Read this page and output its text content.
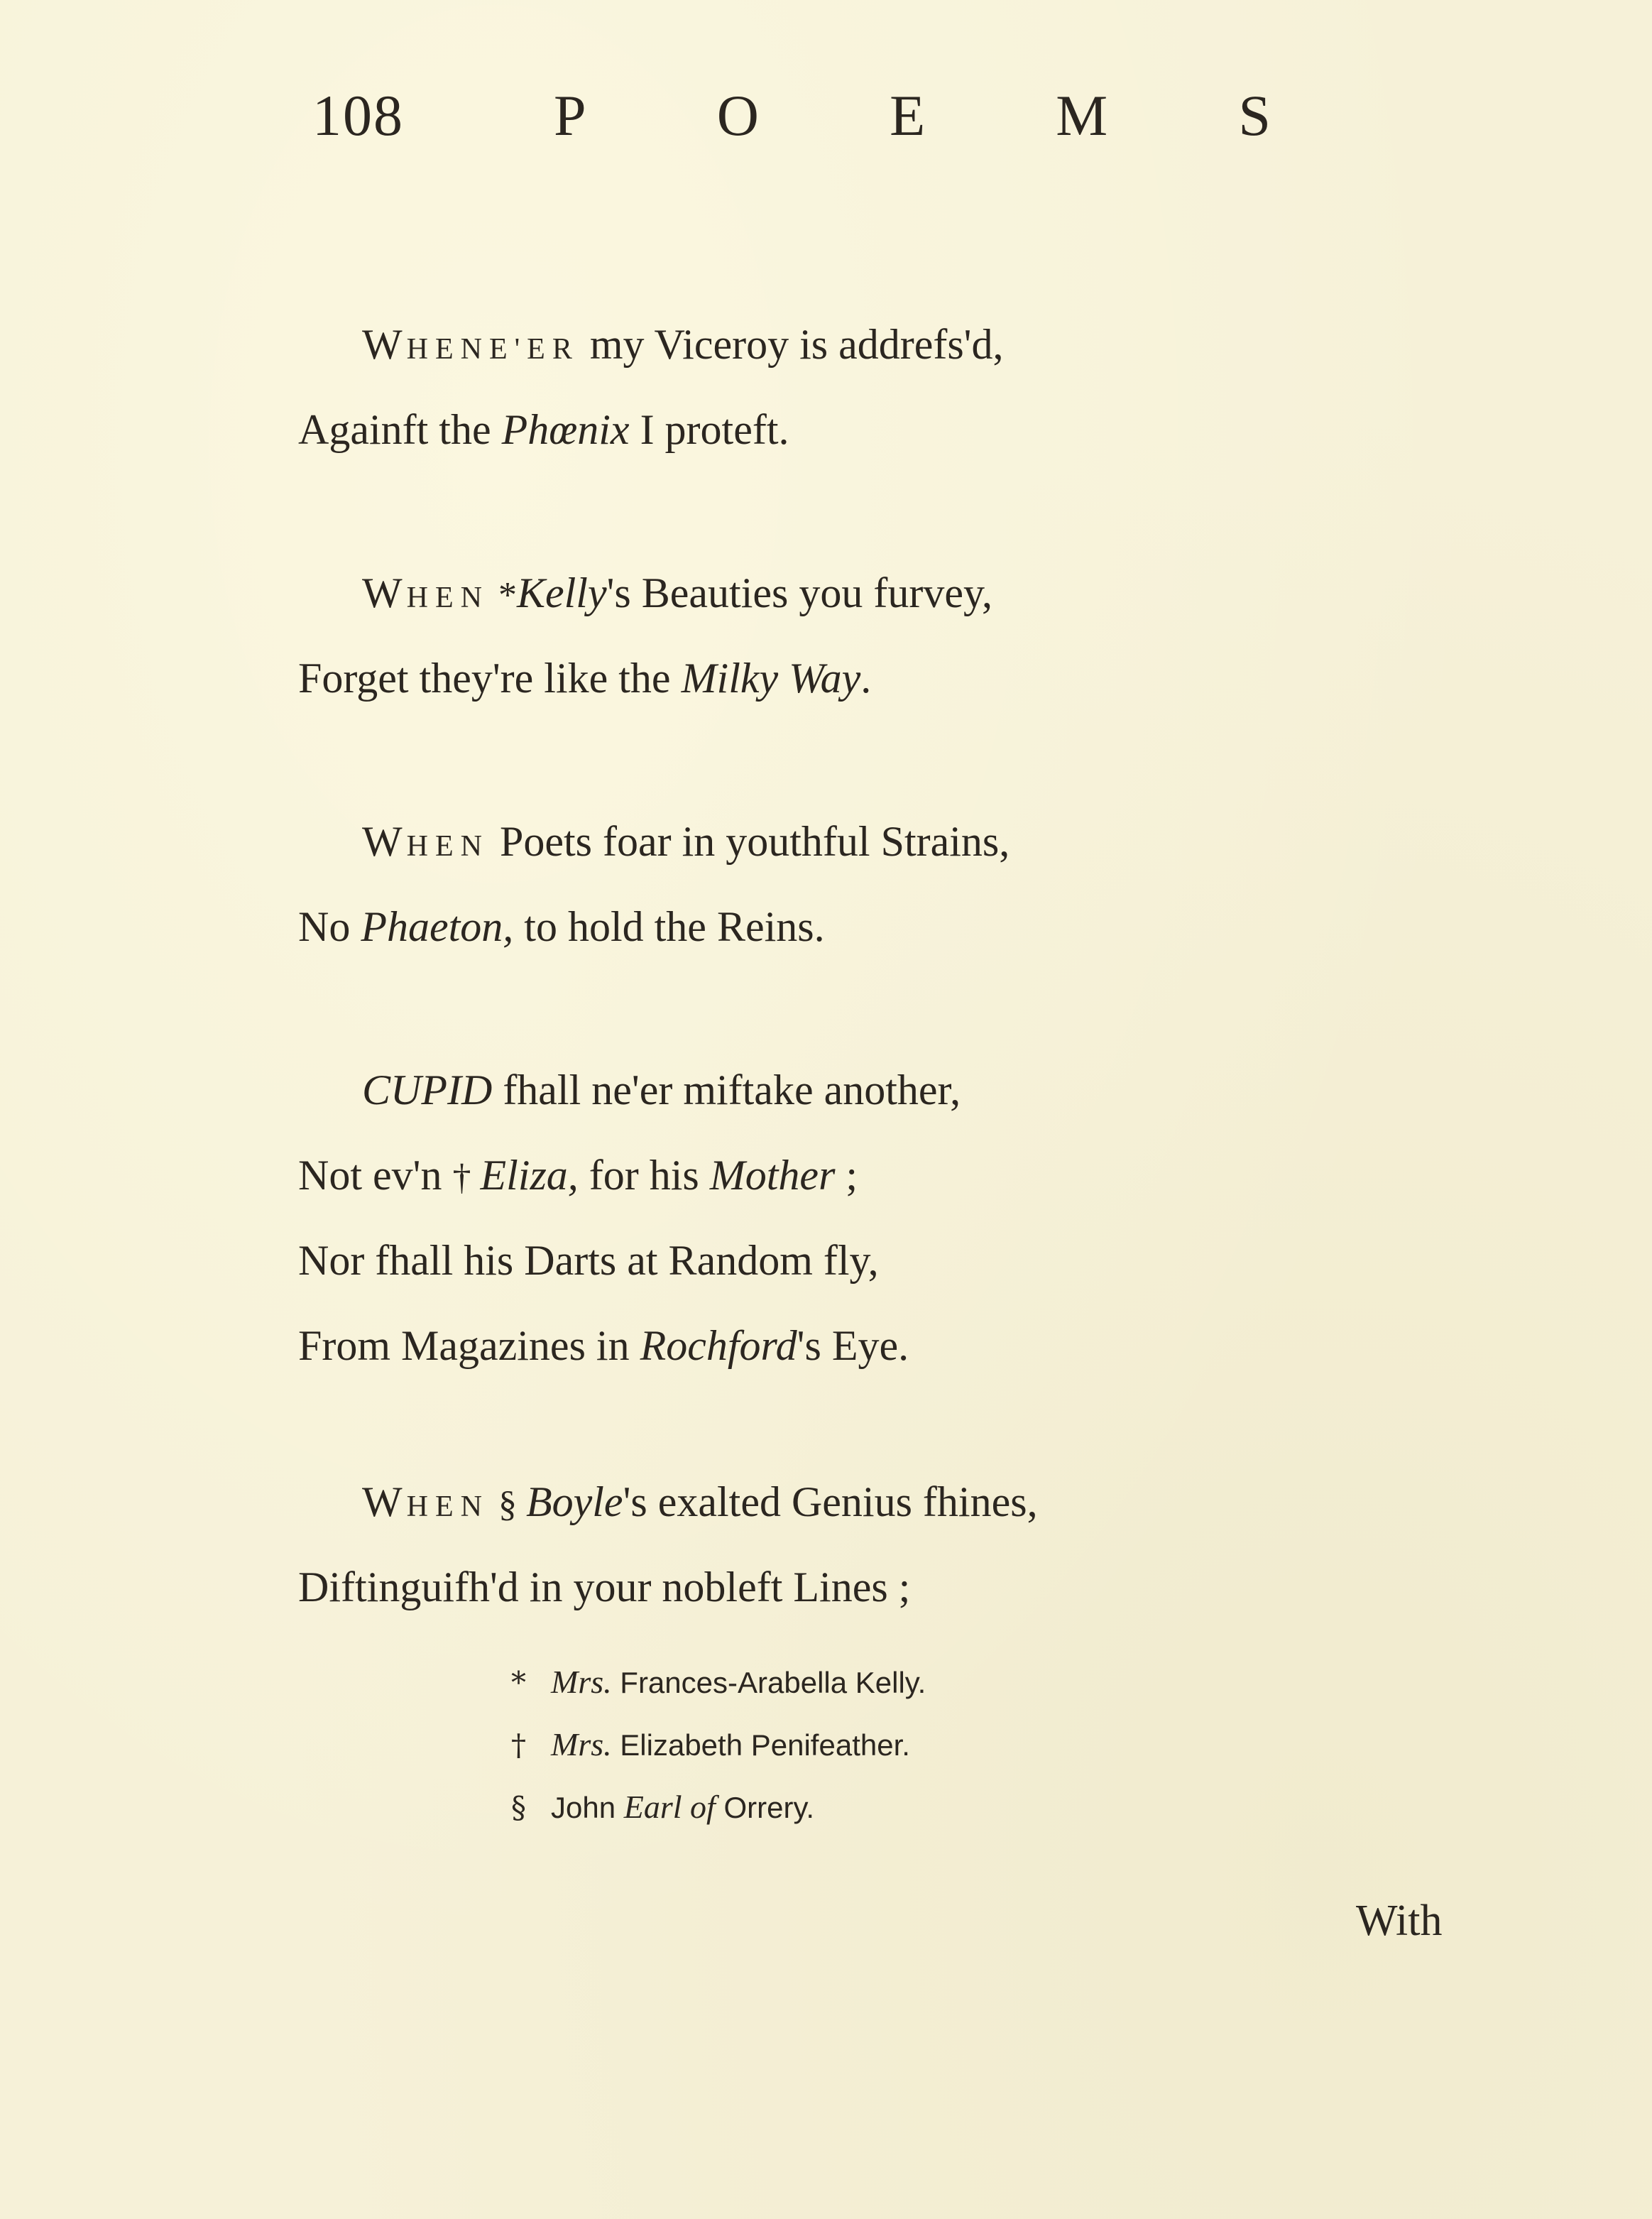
108	P O E M S
WHENE'ER my Viceroy is addrefs'd,
Againft the Phœnix I proteft.
WHEN *Kelly's Beauties you furvey,
Forget they're like the Milky Way.
WHEN Poets foar in youthful Strains,
No Phaeton, to hold the Reins.
CUPID fhall ne'er miftake another,
Not ev'n † Eliza, for his Mother ;
Nor fhall his Darts at Random fly,
From Magazines in Rochford's Eye.
WHEN § Boyle's exalted Genius fhines,
Diftinguifh'd in your nobleft Lines ;
* Mrs. Frances-Arabella Kelly.
† Mrs. Elizabeth Penifeather.
§ John Earl of Orrery.
With
